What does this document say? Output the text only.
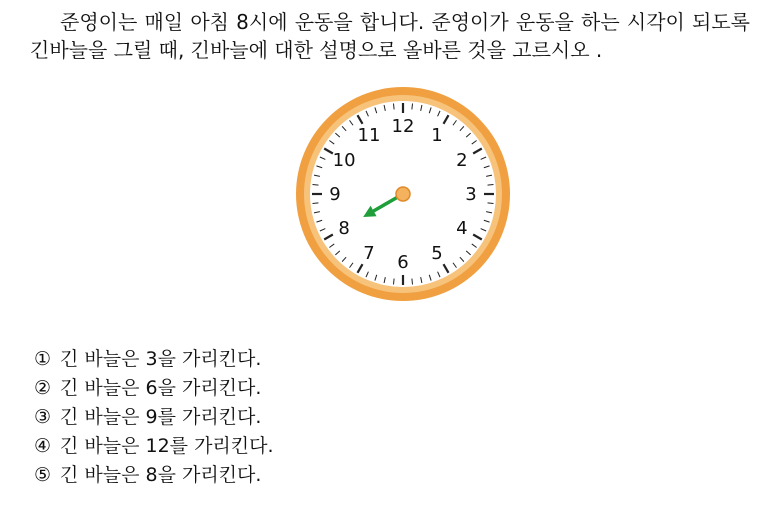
준영이는 매일 아침 8시에 운동을 합니다. 준영이가 운동을 하는 시각이 되도록 긴바늘을 그릴 때, 긴바늘에 대한 설명으로 올바른 것을 고르시오 .

12 1
2
3
4
5
6
7
8
9
10
11
① 긴 바늘은 3을 가리킨다.
② 긴 바늘은 6을 가리킨다.
③ 긴 바늘은 9를 가리킨다.
④ 긴 바늘은 12를 가리킨다.
⑤ 긴 바늘은 8을 가리킨다.
